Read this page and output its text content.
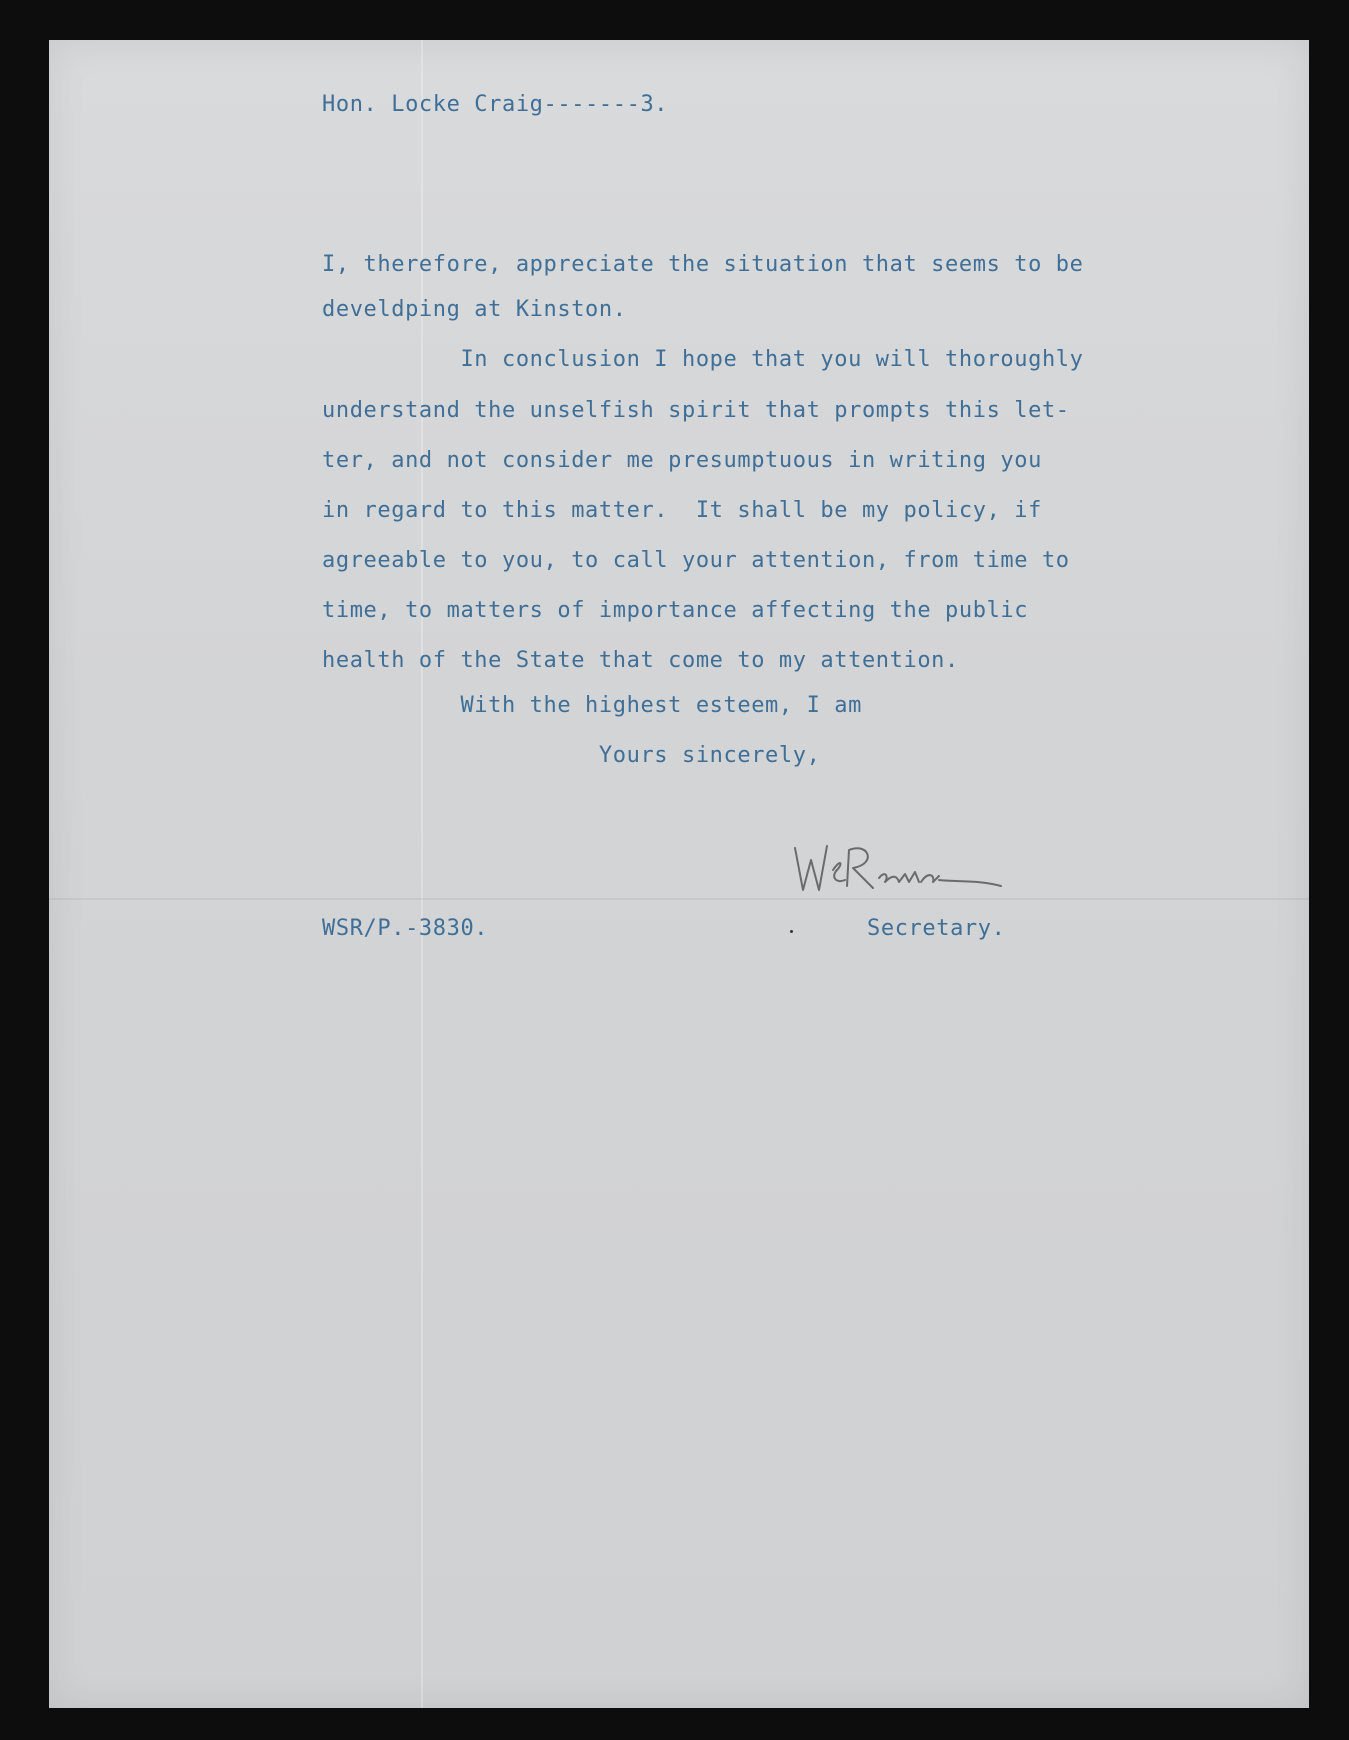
Hon. Locke Craig-------3.

I, therefore, appreciate the situation that seems to be

develdping at Kinston.

In conclusion I hope that you will thoroughly

understand the unselfish spirit that prompts this let-

ter, and not consider me presumptuous in writing you

in regard to this matter.  It shall be my policy, if

agreeable to you, to call your attention, from time to

time, to matters of importance affecting the public

health of the State that come to my attention.

With the highest esteem, I am

Yours sincerely,

WSR/P.-3830.	Secretary.
